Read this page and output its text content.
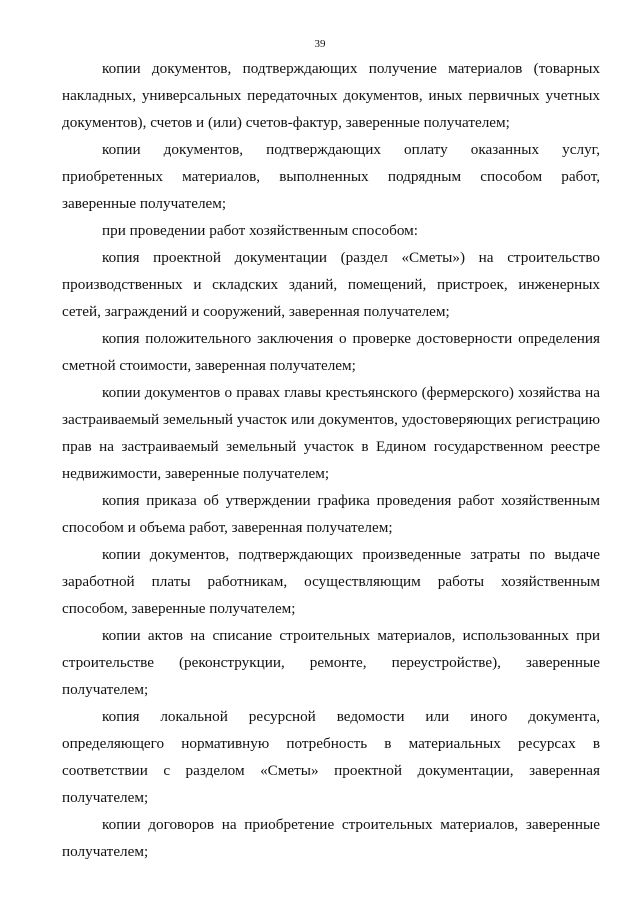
39

копии документов, подтверждающих получение материалов (товарных накладных, универсальных передаточных документов, иных первичных учетных документов), счетов и (или) счетов-фактур, заверенные получателем;

копии документов, подтверждающих оплату оказанных услуг, приобретенных материалов, выполненных подрядным способом работ, заверенные получателем;

при проведении работ хозяйственным способом:

копия проектной документации (раздел «Сметы») на строительство производственных и складских зданий, помещений, пристроек, инженерных сетей, заграждений и сооружений, заверенная получателем;

копия положительного заключения о проверке достоверности определения сметной стоимости, заверенная получателем;

копии документов о правах главы крестьянского (фермерского) хозяйства на застраиваемый земельный участок или документов, удостоверяющих регистрацию прав на застраиваемый земельный участок в Едином государственном реестре недвижимости, заверенные получателем;

копия приказа об утверждении графика проведения работ хозяйственным способом и объема работ, заверенная получателем;

копии документов, подтверждающих произведенные затраты по выдаче заработной платы работникам, осуществляющим работы хозяйственным способом, заверенные получателем;

копии актов на списание строительных материалов, использованных при строительстве (реконструкции, ремонте, переустройстве), заверенные получателем;

копия локальной ресурсной ведомости или иного документа, определяющего нормативную потребность в материальных ресурсах в соответствии с разделом «Сметы» проектной документации, заверенная получателем;

копии договоров на приобретение строительных материалов, заверенные получателем;
